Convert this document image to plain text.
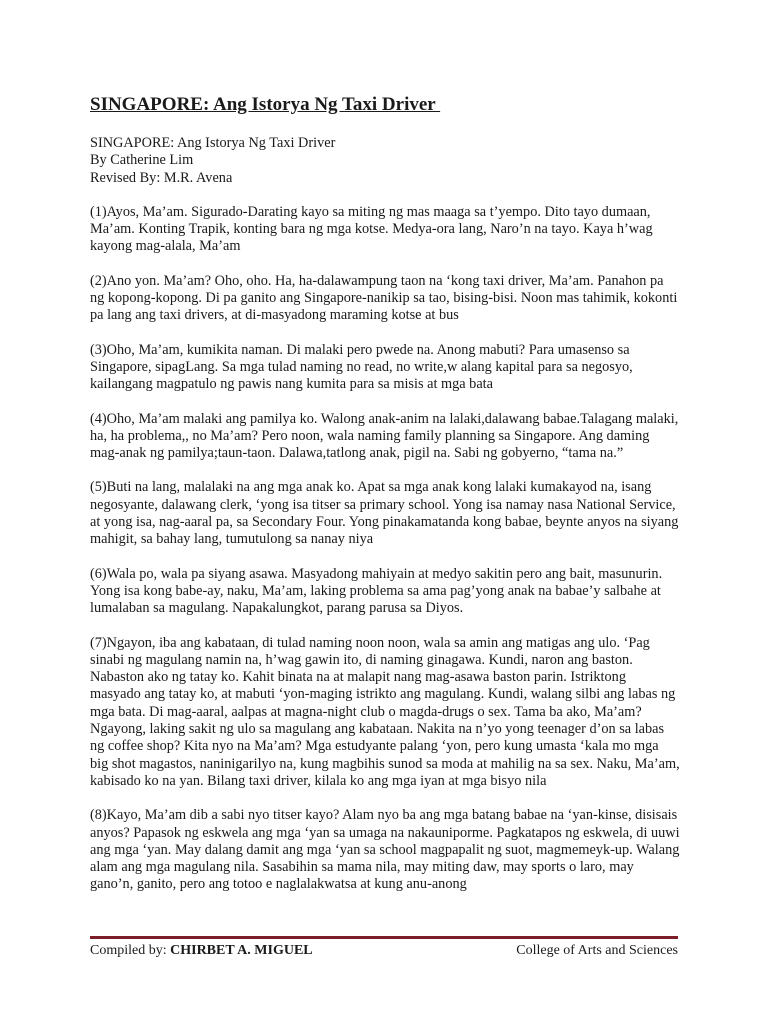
SINGAPORE: Ang Istorya Ng Taxi Driver

SINGAPORE: Ang Istorya Ng Taxi Driver

By Catherine Lim

Revised By: M.R. Avena

(1)Ayos, Ma’am. Sigurado-Darating kayo sa miting ng mas maaga sa t’yempo. Dito tayo dumaan, Ma’am. Konting Trapik, konting bara ng mga kotse. Medya-ora lang, Naro’n na tayo. Kaya h’wag kayong mag-alala, Ma’am

(2)Ano yon. Ma’am? Oho, oho. Ha, ha-dalawampung taon na ‘kong taxi driver, Ma’am. Panahon pa ng kopong-kopong. Di pa ganito ang Singapore-nanikip sa tao, bising-bisi. Noon mas tahimik, kokonti pa lang ang taxi drivers, at di-masyadong maraming kotse at bus

(3)Oho, Ma’am, kumikita naman. Di malaki pero pwede na. Anong mabuti? Para umasenso sa Singapore, sipagLang. Sa mga tulad naming no read, no write,w alang kapital para sa negosyo, kailangang magpatulo ng pawis nang kumita para sa misis at mga bata

(4)Oho, Ma’am malaki ang pamilya ko. Walong anak-anim na lalaki,dalawang babae.Talagang malaki, ha, ha problema,, no Ma’am? Pero noon, wala naming family planning sa Singapore. Ang daming mag-anak ng pamilya;taun-taon. Dalawa,tatlong anak, pigil na. Sabi ng gobyerno, “tama na.”

(5)Buti na lang, malalaki na ang mga anak ko. Apat sa mga anak kong lalaki kumakayod na, isang negosyante, dalawang clerk, ‘yong isa titser sa primary school. Yong isa namay nasa National Service, at yong isa, nag-aaral pa, sa Secondary Four. Yong pinakamatanda kong babae, beynte anyos na siyang mahigit, sa bahay lang, tumutulong sa nanay niya

(6)Wala po, wala pa siyang asawa. Masyadong mahiyain at medyo sakitin pero ang bait, masunurin. Yong isa kong babe-ay, naku, Ma’am, laking problema sa ama pag’yong anak na babae’y salbahe at lumalaban sa magulang. Napakalungkot, parang parusa sa Diyos.

(7)Ngayon, iba ang kabataan, di tulad naming noon noon, wala sa amin ang matigas ang ulo. ‘Pag sinabi ng magulang namin na, h’wag gawin ito, di naming ginagawa. Kundi, naron ang baston. Nabaston ako ng tatay ko. Kahit binata na at malapit nang mag-asawa baston parin. Istriktong masyado ang tatay ko, at mabuti ‘yon-maging istrikto ang magulang. Kundi, walang silbi ang labas ng mga bata. Di mag-aaral, aalpas at magna-night club o magda-drugs o sex. Tama ba ako, Ma’am? Ngayong, laking sakit ng ulo sa magulang ang kabataan. Nakita na n’yo yong teenager d’on sa labas ng coffee shop? Kita nyo na Ma’am? Mga estudyante palang ‘yon, pero kung umasta ‘kala mo mga big shot magastos, naninigarilyo na, kung magbihis sunod sa moda at mahilig na sa sex. Naku, Ma’am, kabisado ko na yan. Bilang taxi driver, kilala ko ang mga iyan at mga bisyo nila

(8)Kayo, Ma’am dib a sabi nyo titser kayo? Alam nyo ba ang mga batang babae na ‘yan-kinse, disisais anyos? Papasok ng eskwela ang mga ‘yan sa umaga na nakauniporme. Pagkatapos ng eskwela, di uuwi ang mga ‘yan. May dalang damit ang mga ‘yan sa school magpapalit ng suot, magmemeyk-up. Walang alam ang mga magulang nila. Sasabihin sa mama nila, may miting daw, may sports o laro, may gano’n, ganito, pero ang totoo e naglalakwatsa at kung anu-anong

Compiled by: CHIRBET A. MIGUEL	College of Arts and Sciences
